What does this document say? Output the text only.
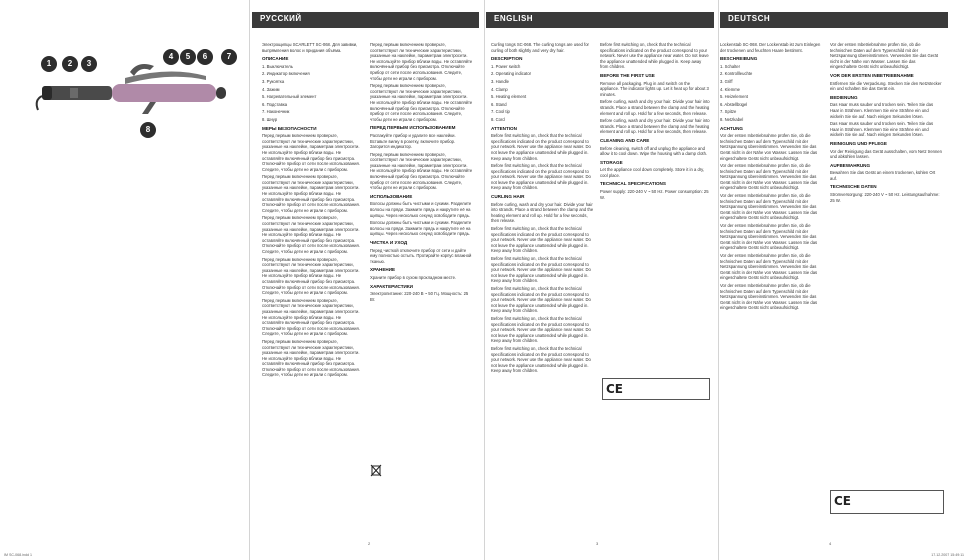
1	2	3
4	5	6	7
8
РУССКИЙ

Электрощипцы SCARLETT SC-068. Для завивки, выпрямления волос и придания объёма.

ОПИСАНИЕ

1. Выключатель

2. Индикатор включения

3. Рукоятка

4. Зажим

5. Нагревательный элемент

6. Подставка

7. Наконечник

8. Шнур

МЕРЫ БЕЗОПАСНОСТИ

Перед первым включением проверьте, соответствуют ли технические характеристики, указанные на наклейке, параметрам электросети. Не используйте прибор вблизи воды. Не оставляйте включённый прибор без присмотра. Отключайте прибор от сети после использования. Следите, чтобы дети не играли с прибором.

Перед первым включением проверьте, соответствуют ли технические характеристики, указанные на наклейке, параметрам электросети. Не используйте прибор вблизи воды. Не оставляйте включённый прибор без присмотра. Отключайте прибор от сети после использования. Следите, чтобы дети не играли с прибором.

Перед первым включением проверьте, соответствуют ли технические характеристики, указанные на наклейке, параметрам электросети. Не используйте прибор вблизи воды. Не оставляйте включённый прибор без присмотра. Отключайте прибор от сети после использования. Следите, чтобы дети не играли с прибором.

Перед первым включением проверьте, соответствуют ли технические характеристики, указанные на наклейке, параметрам электросети. Не используйте прибор вблизи воды. Не оставляйте включённый прибор без присмотра. Отключайте прибор от сети после использования. Следите, чтобы дети не играли с прибором.

Перед первым включением проверьте, соответствуют ли технические характеристики, указанные на наклейке, параметрам электросети. Не используйте прибор вблизи воды. Не оставляйте включённый прибор без присмотра. Отключайте прибор от сети после использования. Следите, чтобы дети не играли с прибором.

Перед первым включением проверьте, соответствуют ли технические характеристики, указанные на наклейке, параметрам электросети. Не используйте прибор вблизи воды. Не оставляйте включённый прибор без присмотра. Отключайте прибор от сети после использования. Следите, чтобы дети не играли с прибором.

Перед первым включением проверьте, соответствуют ли технические характеристики, указанные на наклейке, параметрам электросети. Не используйте прибор вблизи воды. Не оставляйте включённый прибор без присмотра. Отключайте прибор от сети после использования. Следите, чтобы дети не играли с прибором.

Перед первым включением проверьте, соответствуют ли технические характеристики, указанные на наклейке, параметрам электросети. Не используйте прибор вблизи воды. Не оставляйте включённый прибор без присмотра. Отключайте прибор от сети после использования. Следите, чтобы дети не играли с прибором.

ПЕРЕД ПЕРВЫМ ИСПОЛЬЗОВАНИЕМ

Распакуйте прибор и удалите все наклейки. Вставьте вилку в розетку, включите прибор. Загорится индикатор.

Перед первым включением проверьте, соответствуют ли технические характеристики, указанные на наклейке, параметрам электросети. Не используйте прибор вблизи воды. Не оставляйте включённый прибор без присмотра. Отключайте прибор от сети после использования. Следите, чтобы дети не играли с прибором.

ИСПОЛЬЗОВАНИЕ

Волосы должны быть чистыми и сухими. Разделите волосы на пряди. Зажмите прядь и накрутите её на щипцы. Через несколько секунд освободите прядь.

Волосы должны быть чистыми и сухими. Разделите волосы на пряди. Зажмите прядь и накрутите её на щипцы. Через несколько секунд освободите прядь.

ЧИСТКА И УХОД

Перед чисткой отключите прибор от сети и дайте ему полностью остыть. Протирайте корпус влажной тканью.

ХРАНЕНИЕ

Храните прибор в сухом прохладном месте.

ХАРАКТЕРИСТИКИ

Электропитание: 220-240 В ~ 50 Гц. Мощность: 25 Вт.

2
ENGLISH

Curling tongs SC-068. The curling tongs are used for curling of both slightly and very dry hair.

DESCRIPTION

1. Power switch

2. Operating indicator

3. Handle

4. Clamp

5. Heating element

6. Stand

7. Cool tip

8. Cord

ATTENTION

Before first switching on, check that the technical specifications indicated on the product correspond to your network. Never use the appliance near water. Do not leave the appliance unattended while plugged in. Keep away from children.

Before first switching on, check that the technical specifications indicated on the product correspond to your network. Never use the appliance near water. Do not leave the appliance unattended while plugged in. Keep away from children.

CURLING HAIR

Before curling, wash and dry your hair. Divide your hair into strands. Place a strand between the clamp and the heating element and roll up. Hold for a few seconds, then release.

Before first switching on, check that the technical specifications indicated on the product correspond to your network. Never use the appliance near water. Do not leave the appliance unattended while plugged in. Keep away from children.

Before first switching on, check that the technical specifications indicated on the product correspond to your network. Never use the appliance near water. Do not leave the appliance unattended while plugged in. Keep away from children.

Before first switching on, check that the technical specifications indicated on the product correspond to your network. Never use the appliance near water. Do not leave the appliance unattended while plugged in. Keep away from children.

Before first switching on, check that the technical specifications indicated on the product correspond to your network. Never use the appliance near water. Do not leave the appliance unattended while plugged in. Keep away from children.

Before first switching on, check that the technical specifications indicated on the product correspond to your network. Never use the appliance near water. Do not leave the appliance unattended while plugged in. Keep away from children.

Before first switching on, check that the technical specifications indicated on the product correspond to your network. Never use the appliance near water. Do not leave the appliance unattended while plugged in. Keep away from children.

BEFORE THE FIRST USE

Remove all packaging. Plug in and switch on the appliance. The indicator lights up. Let it heat up for about 3 minutes.

Before curling, wash and dry your hair. Divide your hair into strands. Place a strand between the clamp and the heating element and roll up. Hold for a few seconds, then release.

Before curling, wash and dry your hair. Divide your hair into strands. Place a strand between the clamp and the heating element and roll up. Hold for a few seconds, then release.

CLEANING AND CARE

Before cleaning, switch off and unplug the appliance and allow it to cool down. Wipe the housing with a damp cloth.

STORAGE

Let the appliance cool down completely. Store it in a dry, cool place.

TECHNICAL SPECIFICATIONS

Power supply: 220-240 V ~ 50 Hz. Power consumption: 25 W.

CE
3
DEUTSCH

Lockenstab SC-068. Der Lockenstab ist zum Einlegen der trockenen und feuchten Haare bestimmt.

BESCHREIBUNG

1. Schalter

2. Kontrollleuchte

3. Griff

4. Klemme

5. Heizelement

6. Abstellbügel

7. Spitze

8. Netzkabel

ACHTUNG

Vor der ersten Inbetriebnahme prüfen Sie, ob die technischen Daten auf dem Typenschild mit der Netzspannung übereinstimmen. Verwenden Sie das Gerät nicht in der Nähe von Wasser. Lassen Sie das eingeschaltete Gerät nicht unbeaufsichtigt.

Vor der ersten Inbetriebnahme prüfen Sie, ob die technischen Daten auf dem Typenschild mit der Netzspannung übereinstimmen. Verwenden Sie das Gerät nicht in der Nähe von Wasser. Lassen Sie das eingeschaltete Gerät nicht unbeaufsichtigt.

Vor der ersten Inbetriebnahme prüfen Sie, ob die technischen Daten auf dem Typenschild mit der Netzspannung übereinstimmen. Verwenden Sie das Gerät nicht in der Nähe von Wasser. Lassen Sie das eingeschaltete Gerät nicht unbeaufsichtigt.

Vor der ersten Inbetriebnahme prüfen Sie, ob die technischen Daten auf dem Typenschild mit der Netzspannung übereinstimmen. Verwenden Sie das Gerät nicht in der Nähe von Wasser. Lassen Sie das eingeschaltete Gerät nicht unbeaufsichtigt.

Vor der ersten Inbetriebnahme prüfen Sie, ob die technischen Daten auf dem Typenschild mit der Netzspannung übereinstimmen. Verwenden Sie das Gerät nicht in der Nähe von Wasser. Lassen Sie das eingeschaltete Gerät nicht unbeaufsichtigt.

Vor der ersten Inbetriebnahme prüfen Sie, ob die technischen Daten auf dem Typenschild mit der Netzspannung übereinstimmen. Verwenden Sie das Gerät nicht in der Nähe von Wasser. Lassen Sie das eingeschaltete Gerät nicht unbeaufsichtigt.

Vor der ersten Inbetriebnahme prüfen Sie, ob die technischen Daten auf dem Typenschild mit der Netzspannung übereinstimmen. Verwenden Sie das Gerät nicht in der Nähe von Wasser. Lassen Sie das eingeschaltete Gerät nicht unbeaufsichtigt.

VOR DER ERSTEN INBETRIEBNAHME

Entfernen Sie die Verpackung. Stecken Sie den Netzstecker ein und schalten Sie das Gerät ein.

BEDIENUNG

Das Haar muss sauber und trocken sein. Teilen Sie das Haar in Strähnen. Klemmen Sie eine Strähne ein und wickeln Sie sie auf. Nach einigen Sekunden lösen.

Das Haar muss sauber und trocken sein. Teilen Sie das Haar in Strähnen. Klemmen Sie eine Strähne ein und wickeln Sie sie auf. Nach einigen Sekunden lösen.

REINIGUNG UND PFLEGE

Vor der Reinigung das Gerät ausschalten, vom Netz trennen und abkühlen lassen.

AUFBEWAHRUNG

Bewahren Sie das Gerät an einem trockenen, kühlen Ort auf.

TECHNISCHE DATEN

Stromversorgung: 220-240 V ~ 50 Hz. Leistungsaufnahme: 25 W.

CE
4
IM SC-068.indd 1	17.12.2007 15:49:11
